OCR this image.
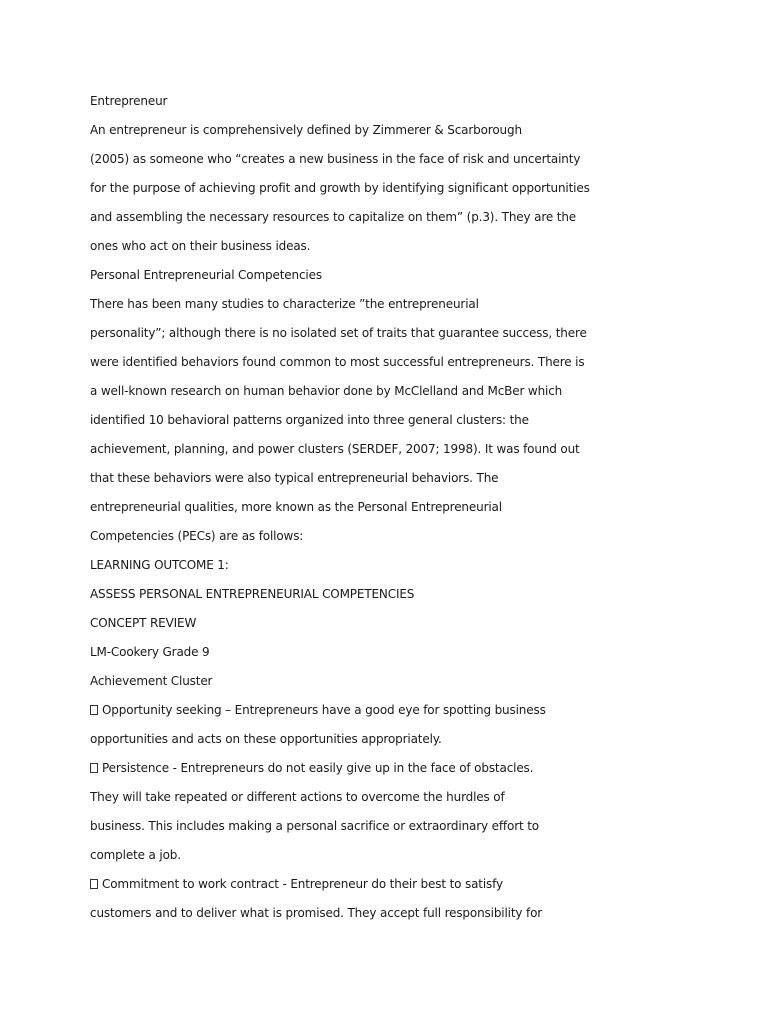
Entrepreneur
An entrepreneur is comprehensively defined by Zimmerer & Scarborough
(2005) as someone who “creates a new business in the face of risk and uncertainty
for the purpose of achieving profit and growth by identifying significant opportunities
and assembling the necessary resources to capitalize on them” (p.3). They are the
ones who act on their business ideas.
Personal Entrepreneurial Competencies
There has been many studies to characterize ”the entrepreneurial
personality”; although there is no isolated set of traits that guarantee success, there
were identified behaviors found common to most successful entrepreneurs. There is
a well-known research on human behavior done by McClelland and McBer which
identified 10 behavioral patterns organized into three general clusters: the
achievement, planning, and power clusters (SERDEF, 2007; 1998). It was found out
that these behaviors were also typical entrepreneurial behaviors. The
entrepreneurial qualities, more known as the Personal Entrepreneurial
Competencies (PECs) are as follows:
LEARNING OUTCOME 1:
ASSESS PERSONAL ENTREPRENEURIAL COMPETENCIES
CONCEPT REVIEW
LM-Cookery Grade 9
Achievement Cluster
Opportunity seeking – Entrepreneurs have a good eye for spotting business
opportunities and acts on these opportunities appropriately.
Persistence - Entrepreneurs do not easily give up in the face of obstacles.
They will take repeated or different actions to overcome the hurdles of
business. This includes making a personal sacrifice or extraordinary effort to
complete a job.
Commitment to work contract - Entrepreneur do their best to satisfy
customers and to deliver what is promised. They accept full responsibility for
